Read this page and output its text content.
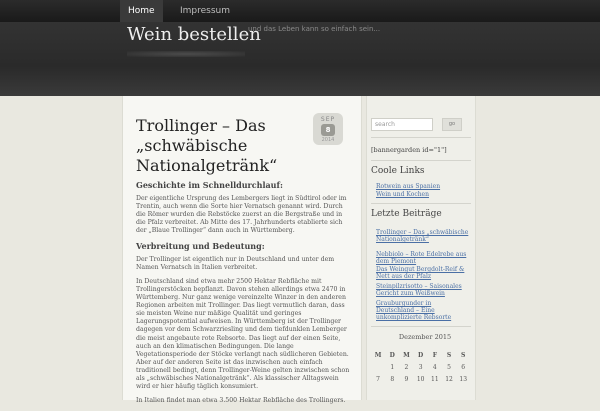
Home	Impressum
Wein bestellen
und das Leben kann so einfach sein...
Trollinger – Das „schwäbische Nationalgetränk“
SEP
8
2014
Geschichte im Schnelldurchlauf:

Der eigentliche Ursprung des Lembergers liegt in Südtirol oder im Trentin, auch wenn die Sorte hier Vernatsch genannt wird. Durch die Römer wurden die Rebstöcke zuerst an die Bergstraße und in die Pfalz verbreitet. Ab Mitte des 17. Jahrhunderts etablierte sich der „Blaue Trollinger“ dann auch in Württemberg.

Verbreitung und Bedeutung:

Der Trollinger ist eigentlich nur in Deutschland und unter dem Namen Vernatsch in Italien verbreitet.

In Deutschland sind etwa mehr 2500 Hektar Rebfläche mit Trollingerstöcken bepflanzt. Davon stehen allerdings etwa 2470 in Württemberg. Nur ganz wenige vereinzelte Winzer in den anderen Regionen arbeiten mit Trollinger. Das liegt vermutlich daran, dass sie meisten Weine nur mäßige Qualität und geringes Lagerungspotential aufweisen. In Württemberg ist der Trollinger dagegen vor dem Schwarzriesling und dem tiefdunklen Lemberger die meist angebaute rote Rebsorte. Das liegt auf der einen Seite, auch an den klimatischen Bedingungen. Die lange Vegetationsperiode der Stöcke verlangt nach südlicheren Gebieten. Aber auf der anderen Seite ist das inzwischen auch einfach traditionell bedingt, denn Trollinger-Weine gelten inzwischen schon als „schwäbisches Nationalgetränk“. Als klassischer Alltagswein wird er hier häufig täglich konsumiert.

In Italien findet man etwa 3.500 Hektar Rebfläche des Trollingers.

search	go
[bannergarden id="1"]
Coole Links
Rotwein aus Spanien
Wein und Kochen
Letzte Beiträge
Trollinger – Das „schwäbische Nationalgetränk“
Nebbiolo – Rote Edelrebe aus dem Piemont
Das Weingut Bergdolt-Reif & Nett aus der Pfalz
Steinpilzrisotto – Saisonales Gericht zum Weißwein
Grauburgunder in Deutschland – Eine unkomplizierte Rebsorte
Dezember 2015
M D M D F S S
1 2 3 4 5 6
7 8 9 10 11 12 13
